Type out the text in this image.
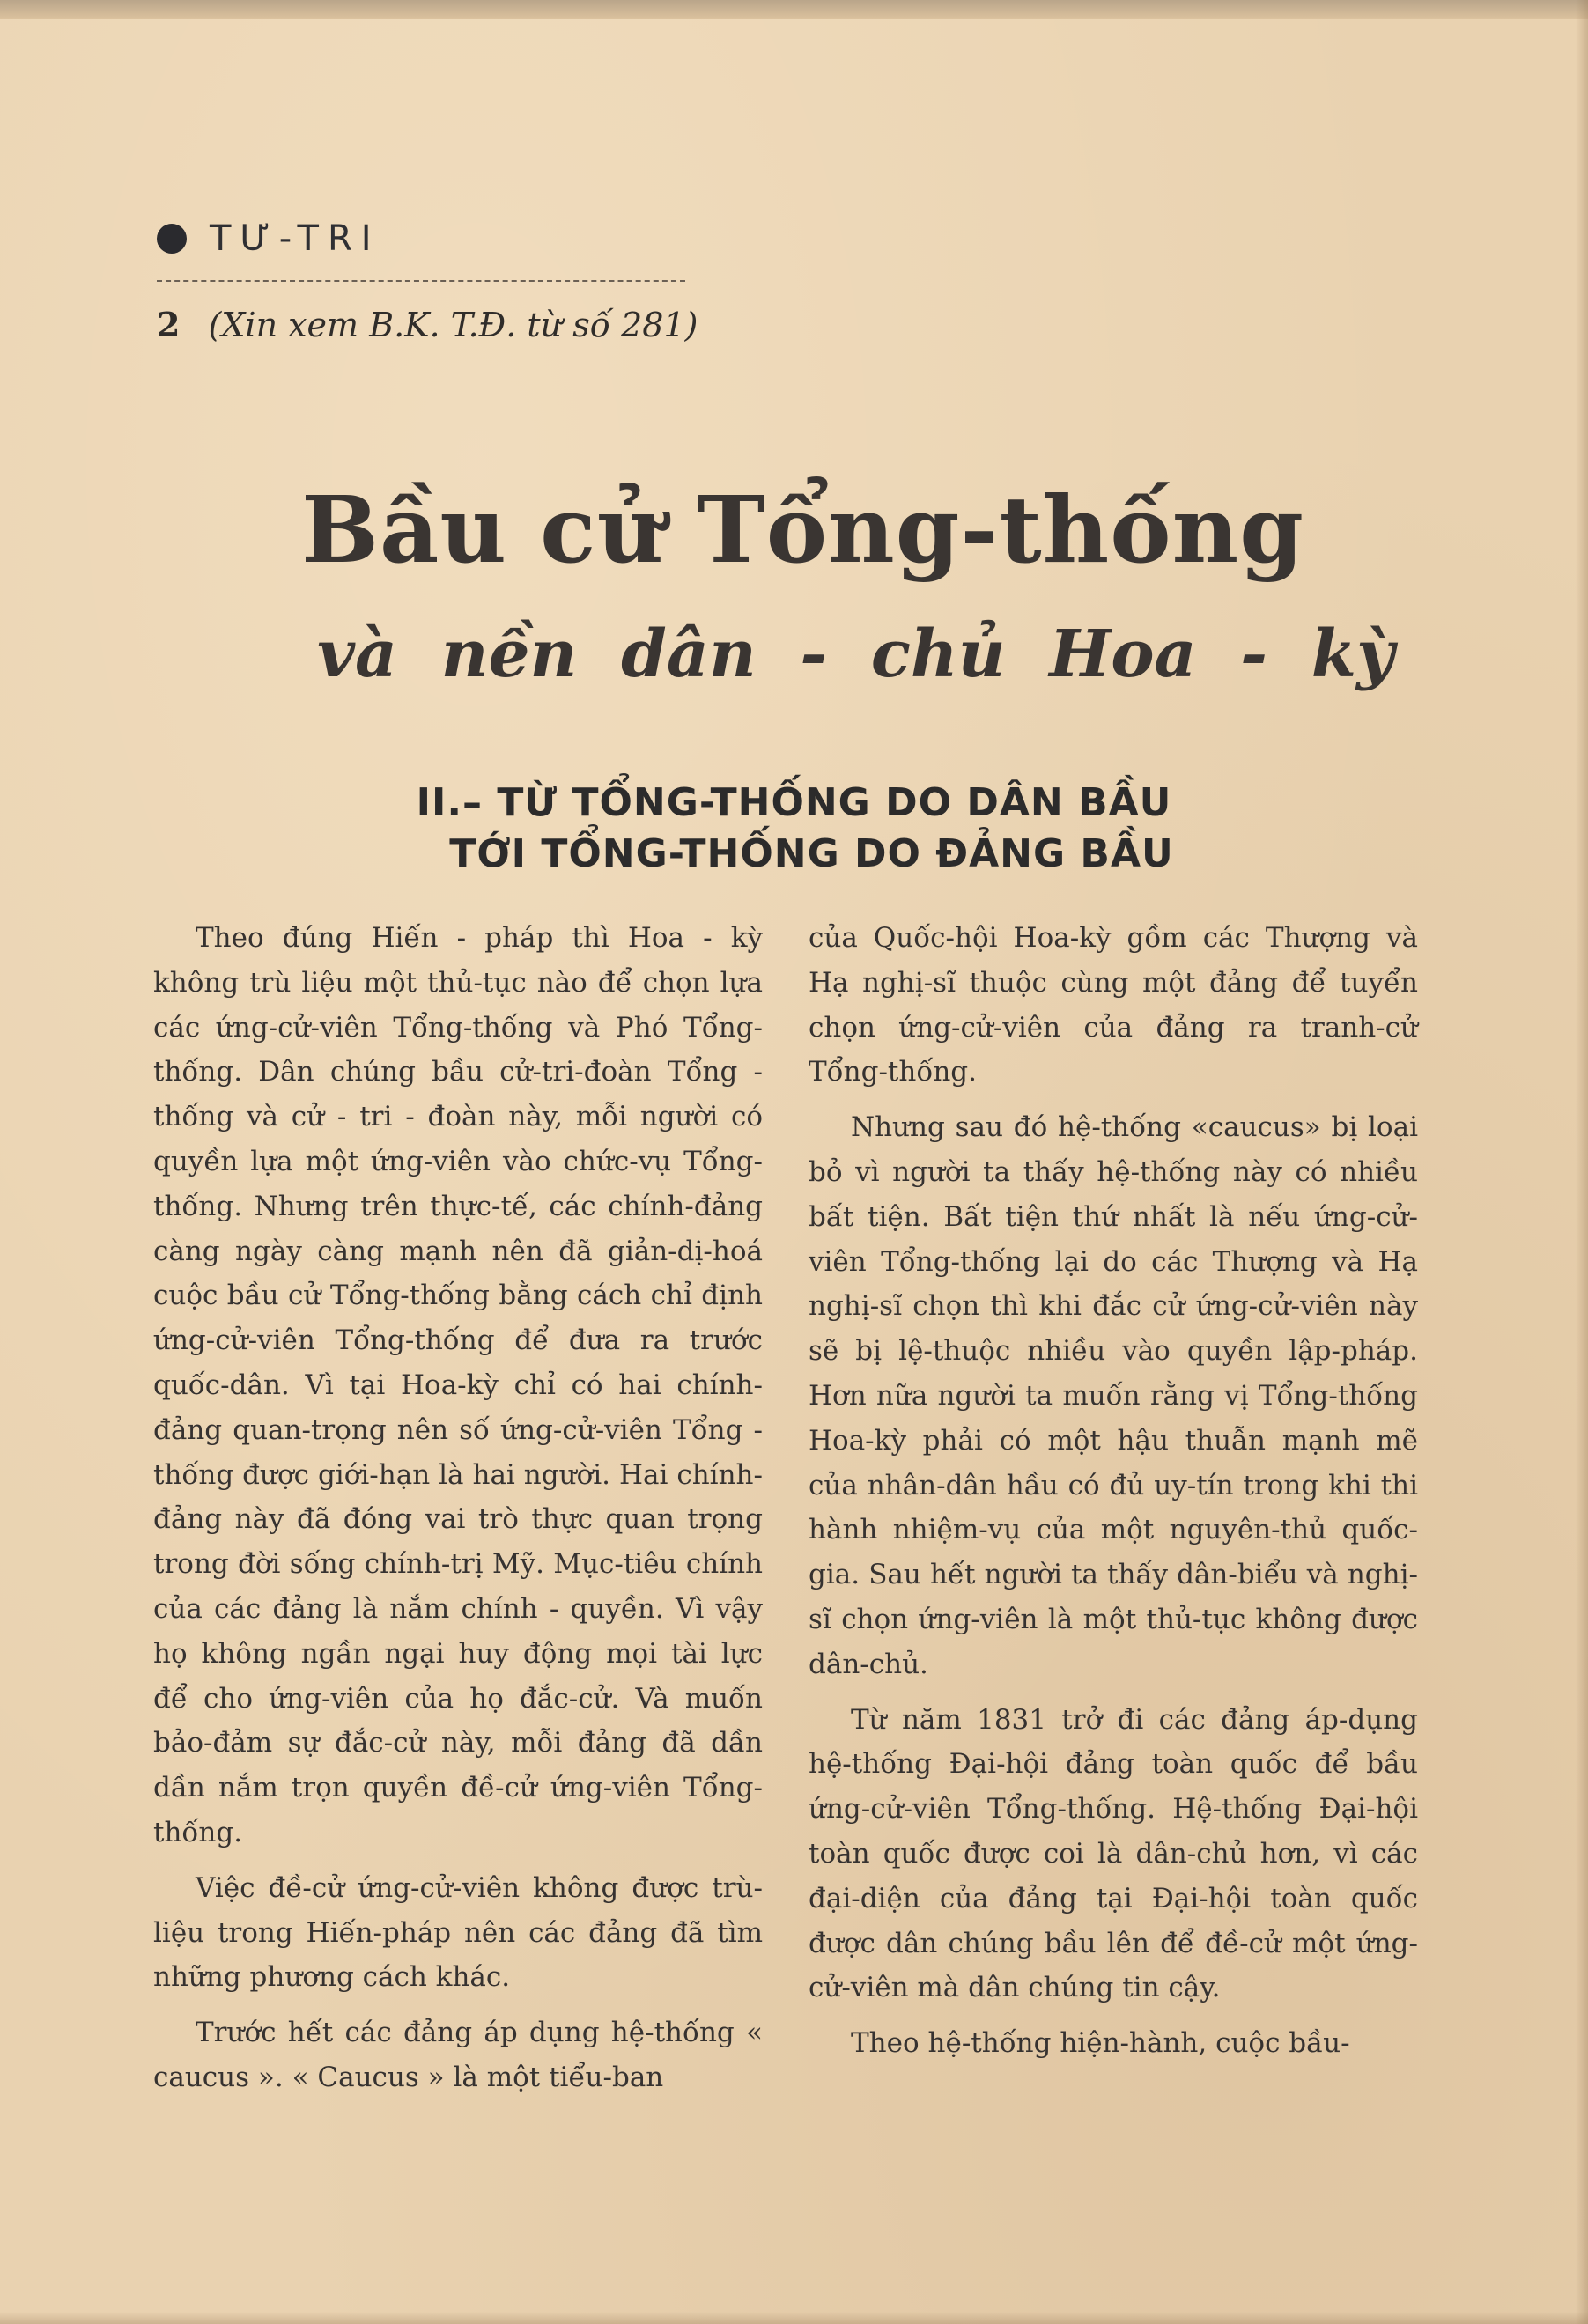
TƯ-TRI
2 (Xin xem B.K. T.Đ. từ số 281)
Bầu cử Tổng-thống
và nền dân - chủ Hoa - kỳ
II.– TỪ TỔNG-THỐNG DO DÂN BẦU
TỚI TỔNG-THỐNG DO ĐẢNG BẦU

Theo đúng Hiến - pháp thì Hoa - kỳ không trù liệu một thủ-tục nào để chọn lựa các ứng-cử-viên Tổng-thống và Phó Tổng-thống. Dân chúng bầu cử-tri-đoàn Tổng - thống và cử - tri - đoàn này, mỗi người có quyền lựa một ứng-viên vào chức-vụ Tổng-thống. Nhưng trên thực-tế, các chính-đảng càng ngày càng mạnh nên đã giản-dị-hoá cuộc bầu cử Tổng-thống bằng cách chỉ định ứng-cử-viên Tổng-thống để đưa ra trước quốc-dân. Vì tại Hoa-kỳ chỉ có hai chính-đảng quan-trọng nên số ứng-cử-viên Tổng - thống được giới-hạn là hai người. Hai chính-đảng này đã đóng vai trò thực quan trọng trong đời sống chính-trị Mỹ. Mục-tiêu chính của các đảng là nắm chính - quyền. Vì vậy họ không ngần ngại huy động mọi tài lực để cho ứng-viên của họ đắc-cử. Và muốn bảo-đảm sự đắc-cử này, mỗi đảng đã dần dần nắm trọn quyền đề-cử ứng-viên Tổng-thống.

Việc đề-cử ứng-cử-viên không được trù-liệu trong Hiến-pháp nên các đảng đã tìm những phương cách khác.

Trước hết các đảng áp dụng hệ-thống « caucus ». « Caucus » là một tiểu-ban

của Quốc-hội Hoa-kỳ gồm các Thượng và Hạ nghị-sĩ thuộc cùng một đảng để tuyển chọn ứng-cử-viên của đảng ra tranh-cử Tổng-thống.

Nhưng sau đó hệ-thống «caucus» bị loại bỏ vì người ta thấy hệ-thống này có nhiều bất tiện. Bất tiện thứ nhất là nếu ứng-cử-viên Tổng-thống lại do các Thượng và Hạ nghị-sĩ chọn thì khi đắc cử ứng-cử-viên này sẽ bị lệ-thuộc nhiều vào quyền lập-pháp. Hơn nữa người ta muốn rằng vị Tổng-thống Hoa-kỳ phải có một hậu thuẫn mạnh mẽ của nhân-dân hầu có đủ uy-tín trong khi thi hành nhiệm-vụ của một nguyên-thủ quốc-gia. Sau hết người ta thấy dân-biểu và nghị-sĩ chọn ứng-viên là một thủ-tục không được dân-chủ.

Từ năm 1831 trở đi các đảng áp-dụng hệ-thống Đại-hội đảng toàn quốc để bầu ứng-cử-viên Tổng-thống. Hệ-thống Đại-hội toàn quốc được coi là dân-chủ hơn, vì các đại-diện của đảng tại Đại-hội toàn quốc được dân chúng bầu lên để đề-cử một ứng-cử-viên mà dân chúng tin cậy.

Theo hệ-thống hiện-hành, cuộc bầu-
